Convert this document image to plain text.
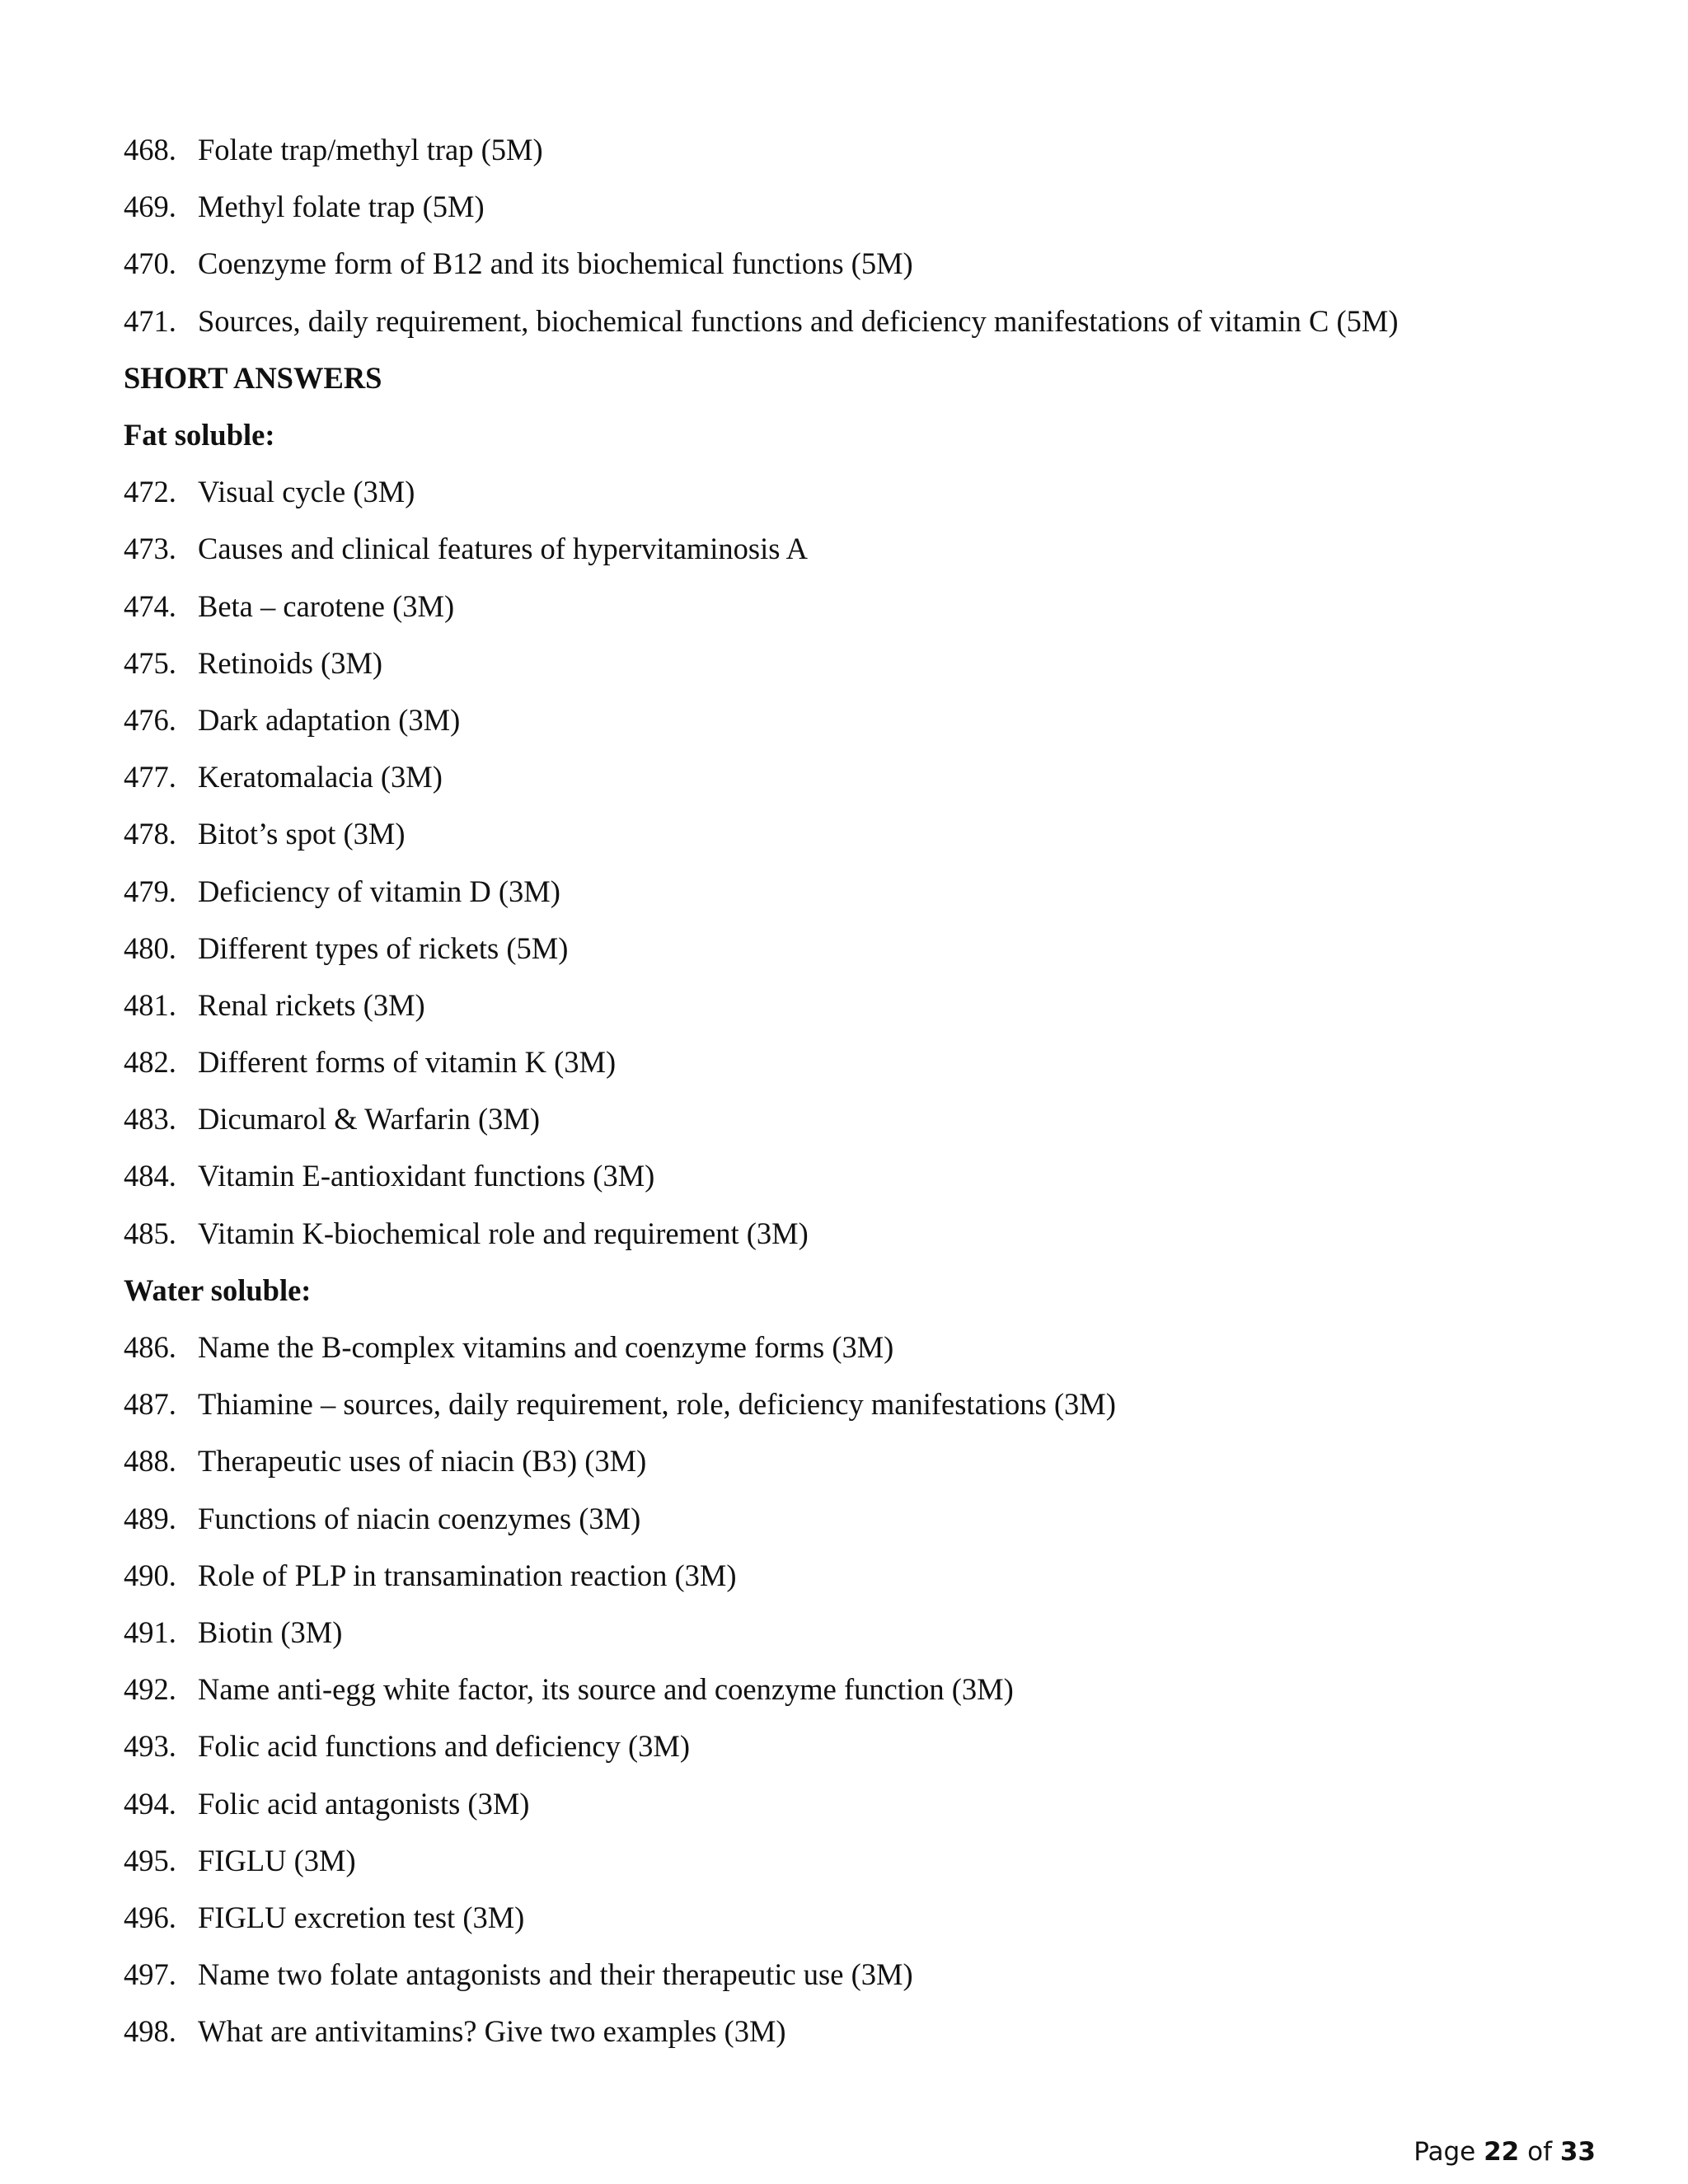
468. Folate trap/methyl trap (5M)
469. Methyl folate trap (5M)
470. Coenzyme form of B12 and its biochemical functions (5M)
471. Sources, daily requirement, biochemical functions and deficiency manifestations of vitamin C (5M)
SHORT ANSWERS
Fat soluble:
472. Visual cycle (3M)
473. Causes and clinical features of hypervitaminosis A
474. Beta – carotene (3M)
475. Retinoids (3M)
476. Dark adaptation (3M)
477. Keratomalacia (3M)
478. Bitot’s spot (3M)
479. Deficiency of vitamin D (3M)
480. Different types of rickets (5M)
481. Renal rickets (3M)
482. Different forms of vitamin K (3M)
483. Dicumarol & Warfarin (3M)
484. Vitamin E-antioxidant functions (3M)
485. Vitamin K-biochemical role and requirement (3M)
Water soluble:
486. Name the B-complex vitamins and coenzyme forms (3M)
487. Thiamine – sources, daily requirement, role, deficiency manifestations (3M)
488. Therapeutic uses of niacin (B3) (3M)
489. Functions of niacin coenzymes (3M)
490. Role of PLP in transamination reaction (3M)
491. Biotin (3M)
492. Name anti-egg white factor, its source and coenzyme function (3M)
493. Folic acid functions and deficiency (3M)
494. Folic acid antagonists (3M)
495. FIGLU (3M)
496. FIGLU excretion test (3M)
497. Name two folate antagonists and their therapeutic use (3M)
498. What are antivitamins? Give two examples (3M)
Page 22 of 33
